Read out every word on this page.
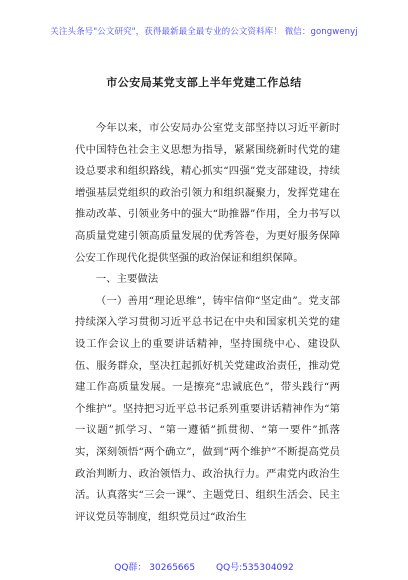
关注头条号"公文研究"，获得最新最全最专业的公文资料库！ 微信：gongwenyj
市公安局某党支部上半年党建工作总结

今年以来，市公安局办公室党支部坚持以习近平新时代中国特色社会主义思想为指导，紧紧围绕新时代党的建设总要求和组织路线，精心抓实“四强”党支部建设，持续增强基层党组织的政治引领力和组织凝聚力，发挥党建在推动改革、引领业务中的强大“助推器”作用，全力书写以高质量党建引领高质量发展的优秀答卷，为更好服务保障公安工作现代化提供坚强的政治保证和组织保障。

一、主要做法

（一）善用“理论思维”，铸牢信仰“坚定曲”。党支部持续深入学习贯彻习近平总书记在中央和国家机关党的建设工作会议上的重要讲话精神，坚持围绕中心、建设队伍、服务群众，坚决扛起抓好机关党建政治责任，推动党建工作高质量发展。一是擦亮“忠诚底色”，带头践行“两个维护”。坚持把习近平总书记系列重要讲话精神作为“第一议题”抓学习、“第一遵循”抓贯彻、“第一要件”抓落实，深刻领悟“两个确立”，做到“两个维护”不断提高党员政治判断力、政治领悟力、政治执行力。严肃党内政治生活。认真落实“三会一课”、主题党日、组织生活会、民主评议党员等制度，组织党员过“政治生

QQ群： 30265665 QQ号:535304092
